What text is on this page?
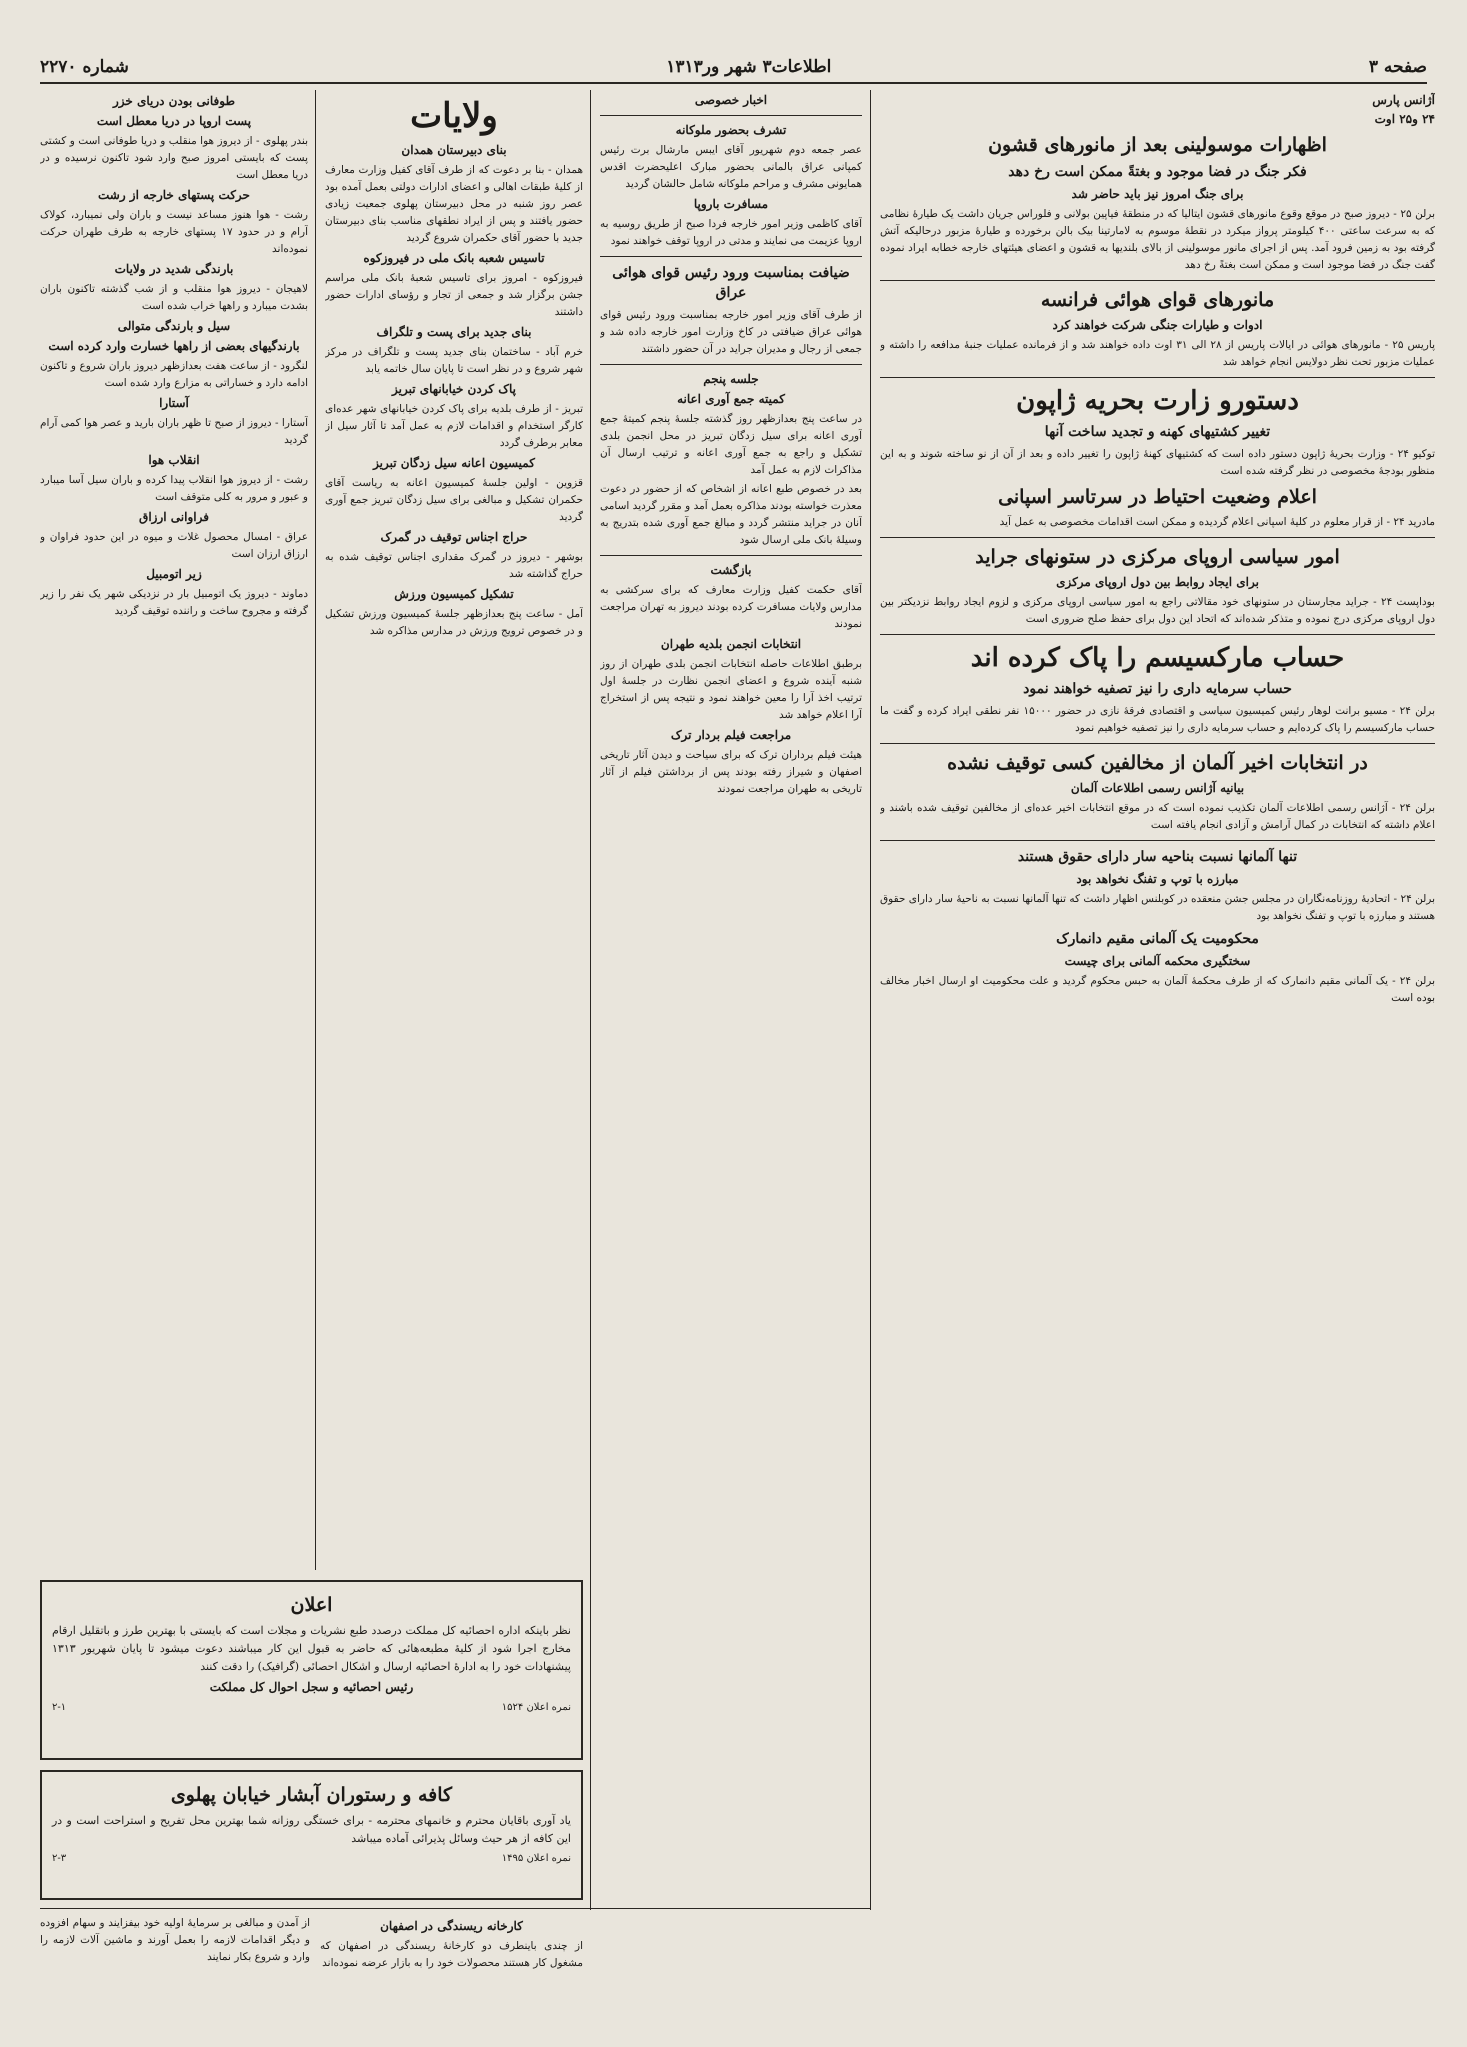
صفحه ۳
اطلاعات۳ شهر ور۱۳۱۳
شماره ۲۲۷۰
آژانس پارس
۲۴ و۲۵ اوت
اظهارات موسولینی بعد از مانورهای قشون
فکر جنگ در فضا موجود و بغتةً ممکن است رخ دهد
برای جنگ امروز نیز باید حاضر شد

برلن ۲۵ - دیروز صبح در موقع وقوع مانورهای قشون ایتالیا که در منطقهٔ فیاپین بولانی و فلوراس جریان داشت یک طیارهٔ نظامی که به سرعت ساعتی ۴۰۰ کیلومتر پرواز میکرد در نقطهٔ موسوم به لامارتینا بیک بالن برخورده و طیارهٔ مزبور درحالیکه آتش گرفته بود به زمین فرود آمد. پس از اجرای مانور موسولینی از بالای بلندیها به قشون و اعضای هیئتهای خارجه خطابه ایراد نموده گفت جنگ در فضا موجود است و ممکن است بغتةً رخ دهد

مانورهای قوای هوائی فرانسه
ادوات و طیارات جنگی شرکت خواهند کرد

پاریس ۲۵ - مانورهای هوائی در ایالات پاریس از ۲۸ الی ۳۱ اوت داده خواهند شد و از فرمانده عملیات جنبهٔ مدافعه را داشته و عملیات مزبور تحت نظر دولایس انجام خواهد شد

دستورو زارت بحریه ژاپون
تغییر کشتیهای کهنه و تجدید ساخت آنها

توکیو ۲۴ - وزارت بحریهٔ ژاپون دستور داده است که کشتیهای کهنهٔ ژاپون را تغییر داده و بعد از آن از نو ساخته شوند و به این منظور بودجهٔ مخصوصی در نظر گرفته شده است

اعلام وضعیت احتیاط در سرتاسر اسپانی

مادرید ۲۴ - از قرار معلوم در کلیهٔ اسپانی اعلام گردیده و ممکن است اقدامات مخصوصی به عمل آید

امور سیاسی اروپای مرکزی در ستونهای جراید
برای ایجاد روابط بین دول اروپای مرکزی

بوداپست ۲۴ - جراید مجارستان در ستونهای خود مقالاتی راجع به امور سیاسی اروپای مرکزی و لزوم ایجاد روابط نزدیکتر بین دول اروپای مرکزی درج نموده و متذکر شده‌اند که اتحاد این دول برای حفظ صلح ضروری است

حساب مارکسیسم را پاک کرده اند
حساب سرمایه داری را نیز تصفیه خواهند نمود

برلن ۲۴ - مسیو برانت لوهار رئیس کمیسیون سیاسی و اقتصادی فرقهٔ نازی در حضور ۱۵۰۰۰ نفر نطقی ایراد کرده و گفت ما حساب مارکسیسم را پاک کرده‌ایم و حساب سرمایه داری را نیز تصفیه خواهیم نمود

در انتخابات اخیر آلمان از مخالفین کسی توقیف نشده
بیانیه آژانس رسمی اطلاعات آلمان

برلن ۲۴ - آژانس رسمی اطلاعات آلمان تکذیب نموده است که در موقع انتخابات اخیر عده‌ای از مخالفین توقیف شده باشند و اعلام داشته که انتخابات در کمال آرامش و آزادی انجام یافته است

تنها آلمانها نسبت بناحیه سار دارای حقوق هستند
مبارزه با توپ و تفنگ نخواهد بود

برلن ۲۴ - اتحادیهٔ روزنامه‌نگاران در مجلس جشن منعقده در کوبلنس اظهار داشت که تنها آلمانها نسبت به ناحیهٔ سار دارای حقوق هستند و مبارزه با توپ و تفنگ نخواهد بود

محکومیت یک آلمانی مقیم دانمارک
سختگیری محکمه آلمانی برای چیست

برلن ۲۴ - یک آلمانی مقیم دانمارک که از طرف محکمهٔ آلمان به حبس محکوم گردید و علت محکومیت او ارسال اخبار مخالف بوده است

اخبار خصوصی
تشرف بحضور ملوکانه

عصر جمعه دوم شهریور آقای ایبس مارشال برت رئیس کمپانی عراق بالمانی بحضور مبارک اعلیحضرت اقدس همایونی مشرف و مراحم ملوکانه شامل حالشان گردید

مسافرت باروپا

آقای کاظمی وزیر امور خارجه فردا صبح از طریق روسیه به اروپا عزیمت می نمایند و مدتی در اروپا توقف خواهند نمود

ضیافت بمناسبت ورود رئیس قوای هوائی عراق

از طرف آقای وزیر امور خارجه بمناسبت ورود رئیس قوای هوائی عراق ضیافتی در کاخ وزارت امور خارجه داده شد و جمعی از رجال و مدیران جراید در آن حضور داشتند

جلسه پنجم
کمیته جمع آوری اعانه

در ساعت پنج بعدازظهر روز گذشته جلسهٔ پنجم کمیتهٔ جمع آوری اعانه برای سیل زدگان تبریز در محل انجمن بلدی تشکیل و راجع به جمع آوری اعانه و ترتیب ارسال آن مذاکرات لازم به عمل آمد

بعد در خصوص طبع اعانه از اشخاص که از حضور در دعوت معذرت خواسته بودند مذاکره بعمل آمد و مقرر گردید اسامی آنان در جراید منتشر گردد و مبالغ جمع آوری شده بتدریج به وسیلهٔ بانک ملی ارسال شود

بازگشت

آقای حکمت کفیل وزارت معارف که برای سرکشی به مدارس ولایات مسافرت کرده بودند دیروز به تهران مراجعت نمودند

انتخابات انجمن بلدیه طهران

برطبق اطلاعات حاصله انتخابات انجمن بلدی طهران از روز شنبه آینده شروع و اعضای انجمن نظارت در جلسهٔ اول ترتیب اخذ آرا را معین خواهند نمود و نتیجه پس از استخراج آرا اعلام خواهد شد

مراجعت فیلم بردار ترک

هیئت فیلم برداران ترک که برای سیاحت و دیدن آثار تاریخی اصفهان و شیراز رفته بودند پس از برداشتن فیلم از آثار تاریخی به طهران مراجعت نمودند

ولایات
بنای دبیرستان همدان

همدان - بنا بر دعوت که از طرف آقای کفیل وزارت معارف از کلیهٔ طبقات اهالی و اعضای ادارات دولتی بعمل آمده بود عصر روز شنبه در محل دبیرستان پهلوی جمعیت زیادی حضور یافتند و پس از ایراد نطقهای مناسب بنای دبیرستان جدید با حضور آقای حکمران شروع گردید

تاسیس شعبه بانک ملی در فیروزکوه

فیروزکوه - امروز برای تاسیس شعبهٔ بانک ملی مراسم جشن برگزار شد و جمعی از تجار و رؤسای ادارات حضور داشتند

بنای جدید برای پست و تلگراف

خرم آباد - ساختمان بنای جدید پست و تلگراف در مرکز شهر شروع و در نظر است تا پایان سال خاتمه یابد

پاک کردن خیابانهای تبریز

تبریز - از طرف بلدیه برای پاک کردن خیابانهای شهر عده‌ای کارگر استخدام و اقدامات لازم به عمل آمد تا آثار سیل از معابر برطرف گردد

کمیسیون اعانه سیل زدگان تبریز

قزوین - اولین جلسهٔ کمیسیون اعانه به ریاست آقای حکمران تشکیل و مبالغی برای سیل زدگان تبریز جمع آوری گردید

حراج اجناس توقیف در گمرک

بوشهر - دیروز در گمرک مقداری اجناس توقیف شده به حراج گذاشته شد

تشکیل کمیسیون ورزش

آمل - ساعت پنج بعدازظهر جلسهٔ کمیسیون ورزش تشکیل و در خصوص ترویج ورزش در مدارس مذاکره شد

طوفانی بودن دریای خزر
پست اروپا در دریا معطل است

بندر پهلوی - از دیروز هوا منقلب و دریا طوفانی است و کشتی پست که بایستی امروز صبح وارد شود تاکنون نرسیده و در دریا معطل است

حرکت پستهای خارجه از رشت

رشت - هوا هنوز مساعد نیست و باران ولی نمیبارد، کولاک آرام و در حدود ۱۷ پستهای خارجه به طرف طهران حرکت نموده‌اند

بارندگی شدید در ولایات

لاهیجان - دیروز هوا منقلب و از شب گذشته تاکنون باران بشدت میبارد و راهها خراب شده است

سیل و بارندگی متوالی
بارندگیهای بعضی از راهها خسارت وارد کرده است

لنگرود - از ساعت هفت بعدازظهر دیروز باران شروع و تاکنون ادامه دارد و خساراتی به مزارع وارد شده است

آستارا

آستارا - دیروز از صبح تا ظهر باران بارید و عصر هوا کمی آرام گردید

انقلاب هوا

رشت - از دیروز هوا انقلاب پیدا کرده و باران سیل آسا میبارد و عبور و مرور به کلی متوقف است

فراوانی ارزاق

عراق - امسال محصول غلات و میوه در این حدود فراوان و ارزاق ارزان است

زیر اتومبیل

دماوند - دیروز یک اتومبیل بار در نزدیکی شهر یک نفر را زیر گرفته و مجروح ساخت و راننده توقیف گردید

اعلان

نظر باینکه اداره احصائیه کل مملکت درصدد طبع نشریات و مجلات است که بایستی با بهترین طرز و باتقلیل ارقام مخارج اجرا شود از کلیهٔ مطبعه‌هائی که حاضر به قبول این کار میباشند دعوت میشود تا پایان شهریور ۱۳۱۳ پیشنهادات خود را به ادارهٔ احصائیه ارسال و اشکال احصائی (گرافیک) را دقت کنند

رئیس احصائیه و سجل احوال کل مملکت
نمره اعلان ۱۵۲۴
۲-۱
کافه و رستوران آبشار خیابان پهلوی

یاد آوری باقایان محترم و خانمهای محترمه - برای خستگی روزانه شما بهترین محل تفریح و استراحت است و در این کافه از هر حیث وسائل پذیرائی آماده میباشد

نمره اعلان ۱۴۹۵
۲-۳
کارخانه ریسندگی در اصفهان

از چندی باینطرف دو کارخانهٔ ریسندگی در اصفهان که مشغول کار هستند محصولات خود را به بازار عرضه نموده‌اند

از آمدن و مبالغی بر سرمایهٔ اولیه خود بیفزایند و سهام افزوده و دیگر اقدامات لازمه را بعمل آورند و ماشین آلات لازمه را وارد و شروع بکار نمایند
